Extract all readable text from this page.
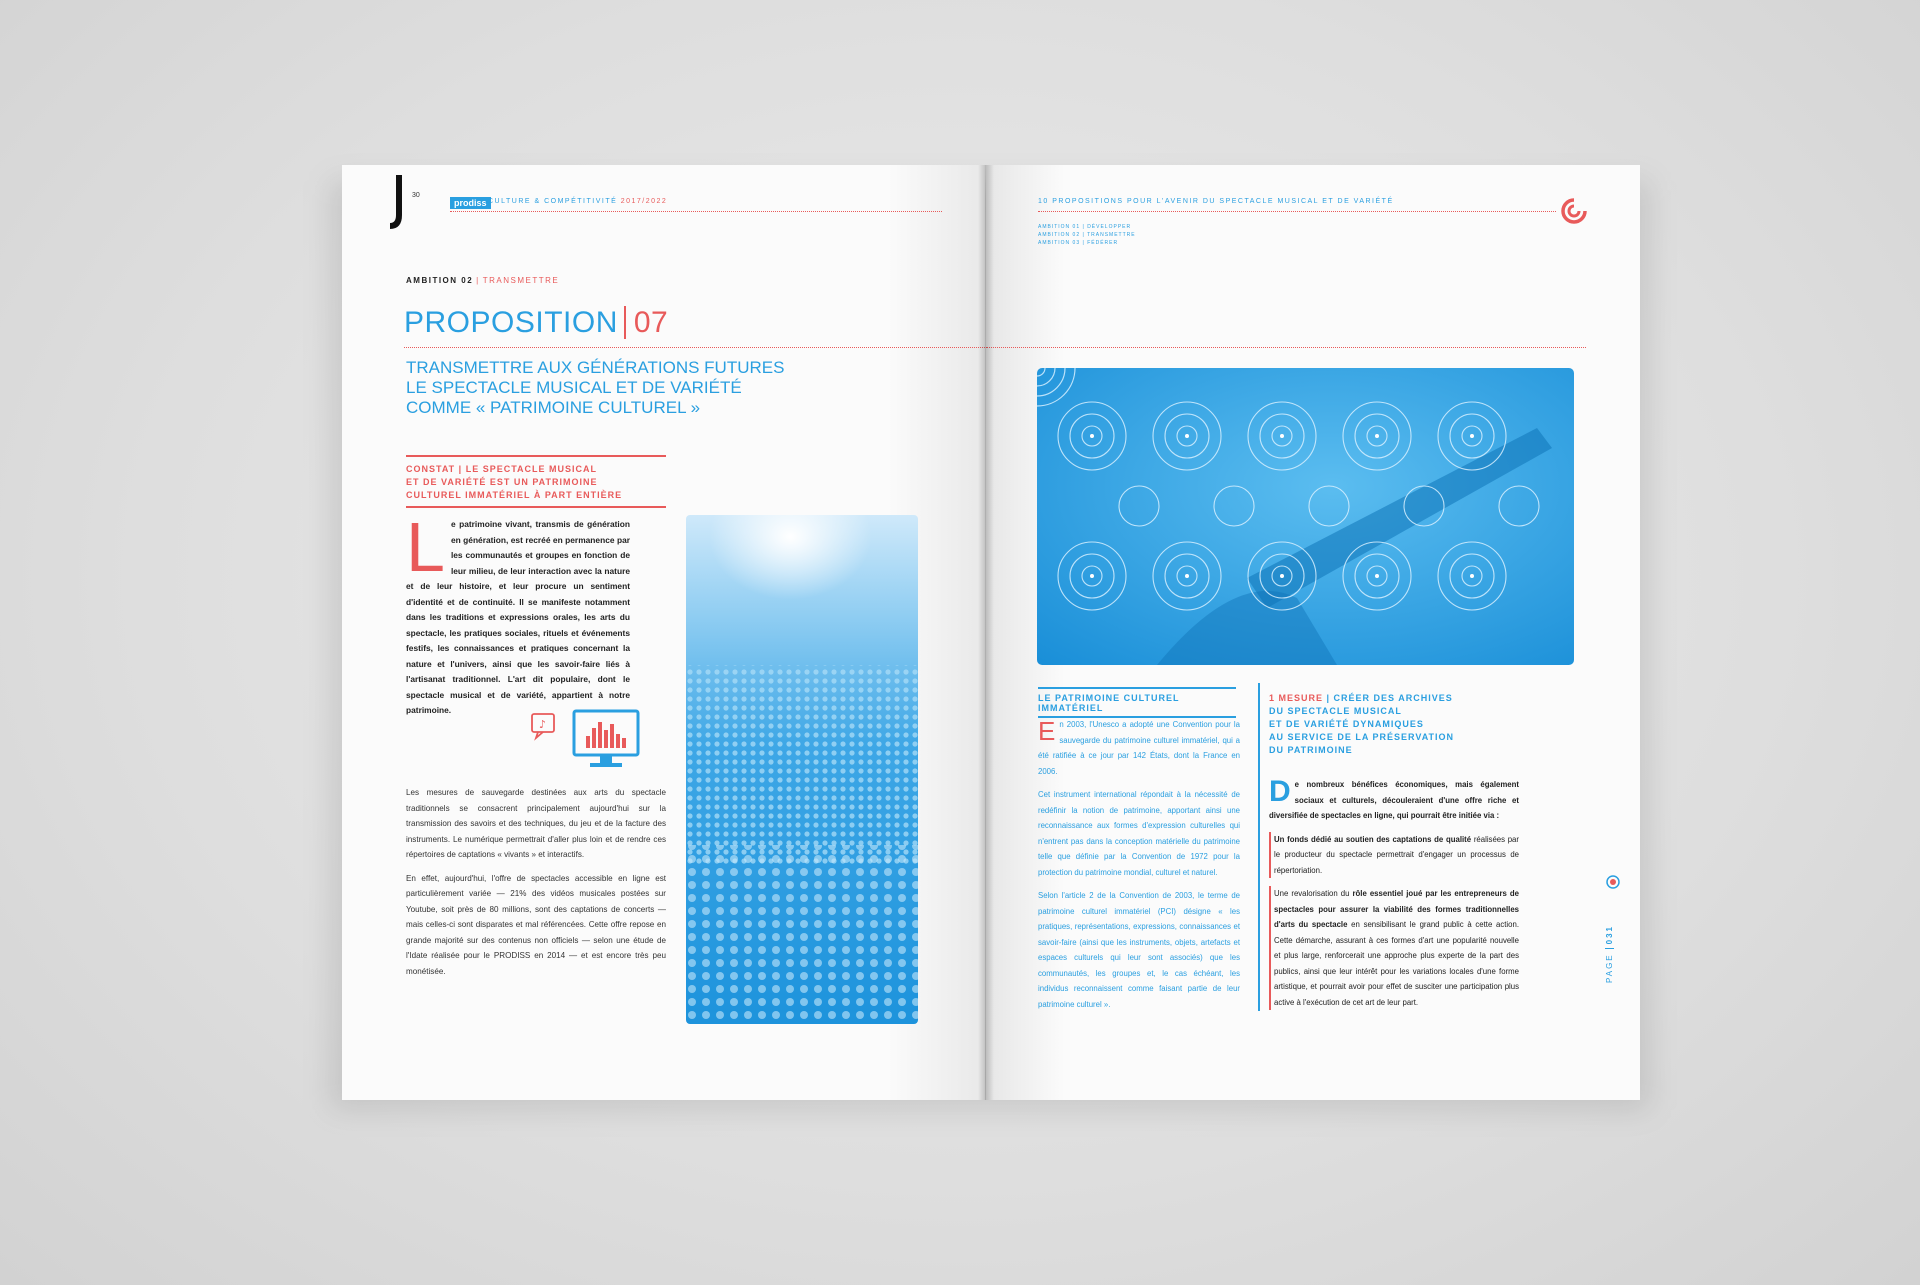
30
prodiss CULTURE & COMPÉTITIVITÉ 2017/2022
AMBITION 02 | TRANSMETTRE
PROPOSITION 07
TRANSMETTRE AUX GÉNÉRATIONS FUTURES
LE SPECTACLE MUSICAL ET DE VARIÉTÉ
COMME « PATRIMOINE CULTUREL »
CONSTAT | LE SPECTACLE MUSICAL
ET DE VARIÉTÉ EST UN PATRIMOINE
CULTUREL IMMATÉRIEL À PART ENTIÈRE
Le patrimoine vivant, transmis de génération en génération, est recréé en permanence par les communautés et groupes en fonction de leur milieu, de leur interaction avec la nature et de leur histoire, et leur procure un sentiment d'identité et de continuité. Il se manifeste notamment dans les traditions et expressions orales, les arts du spectacle, les pratiques sociales, rituels et événements festifs, les connaissances et pratiques concernant la nature et l'univers, ainsi que les savoir-faire liés à l'artisanat traditionnel. L'art dit populaire, dont le spectacle musical et de variété, appartient à notre patrimoine.
♪

Les mesures de sauvegarde destinées aux arts du spectacle traditionnels se consacrent principalement aujourd'hui sur la transmission des savoirs et des techniques, du jeu et de la facture des instruments. Le numérique permettrait d'aller plus loin et de rendre ces répertoires de captations « vivants » et interactifs.

En effet, aujourd'hui, l'offre de spectacles accessible en ligne est particulièrement variée — 21% des vidéos musicales postées sur Youtube, soit près de 80 millions, sont des captations de concerts — mais celles-ci sont disparates et mal référencées. Cette offre repose en grande majorité sur des contenus non officiels — selon une étude de l'Idate réalisée pour le PRODISS en 2014 — et est encore très peu monétisée.

10 PROPOSITIONS POUR L'AVENIR DU SPECTACLE MUSICAL ET DE VARIÉTÉ
AMBITION 01 | DÉVELOPPER
AMBITION 02 | TRANSMETTRE
AMBITION 03 | FÉDÉRER
LE PATRIMOINE CULTUREL IMMATÉRIEL

En 2003, l'Unesco a adopté une Convention pour la sauvegarde du patrimoine culturel immatériel, qui a été ratifiée à ce jour par 142 États, dont la France en 2006.

Cet instrument international répondait à la nécessité de redéfinir la notion de patrimoine, apportant ainsi une reconnaissance aux formes d'expression culturelles qui n'entrent pas dans la conception matérielle du patrimoine telle que définie par la Convention de 1972 pour la protection du patrimoine mondial, culturel et naturel.

Selon l'article 2 de la Convention de 2003, le terme de patrimoine culturel immatériel (PCI) désigne « les pratiques, représentations, expressions, connaissances et savoir-faire (ainsi que les instruments, objets, artefacts et espaces culturels qui leur sont associés) que les communautés, les groupes et, le cas échéant, les individus reconnaissent comme faisant partie de leur patrimoine culturel ».

1 MESURE | CRÉER DES ARCHIVES
DU SPECTACLE MUSICAL
ET DE VARIÉTÉ DYNAMIQUES
AU SERVICE DE LA PRÉSERVATION
DU PATRIMOINE

De nombreux bénéfices économiques, mais également sociaux et culturels, découleraient d'une offre riche et diversifiée de spectacles en ligne, qui pourrait être initiée via :

Un fonds dédié au soutien des captations de qualité réalisées par le producteur du spectacle permettrait d'engager un processus de répertoriation.

Une revalorisation du rôle essentiel joué par les entrepreneurs de spectacles pour assurer la viabilité des formes traditionnelles d'arts du spectacle en sensibilisant le grand public à cette action. Cette démarche, assurant à ces formes d'art une popularité nouvelle et plus large, renforcerait une approche plus experte de la part des publics, ainsi que leur intérêt pour les variations locales d'une forme artistique, et pourrait avoir pour effet de susciter une participation plus active à l'exécution de cet art de leur part.

PAGE031
